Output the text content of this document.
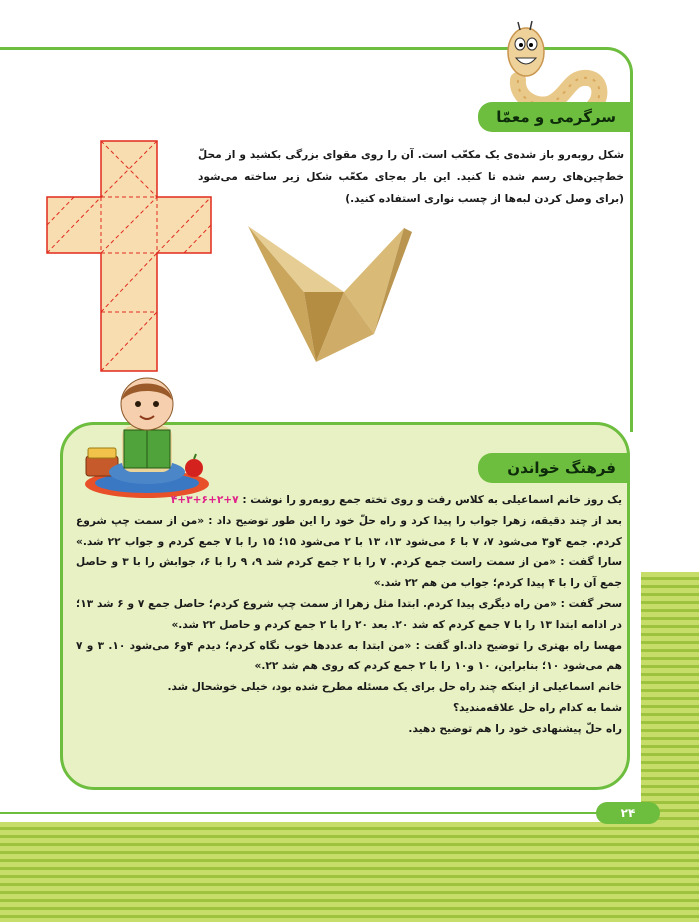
سرگرمی و معمّا
شکل روبه‌رو باز شده‌ی یک مکعّب است. آن را روی مقوای بزرگی بکشید و از محلّ خط‌چین‌های رسم شده تا کنید. این بار به‌جای مکعّب شکل زیر ساخته می‌شود (برای وصل کردن لبه‌ها از چسب نواری استفاده کنید.)
فرهنگ خواندن

یک روز خانم اسماعیلی به کلاس رفت و روی تخته جمع روبه‌رو را نوشت : ۴+۳+۶+۲+۷

بعد از چند دقیقه، زهرا جواب را پیدا کرد و راه حلّ خود را این طور توضیح داد : «من از سمت چپ شروع کردم. جمع ۴و۳ می‌شود ۷، ۷ با ۶ می‌شود ۱۳، ۱۳ با ۲ می‌شود ۱۵؛ ۱۵ را با ۷ جمع کردم و جواب ۲۲ شد.» سارا گفت : «من از سمت راست جمع کردم. ۷ را با ۲ جمع کردم شد ۹، ۹ را با ۶، جوابش را با ۳ و حاصل جمع آن را با ۴ پیدا کردم؛ جواب من هم ۲۲ شد.»

سحر گفت : «من راه دیگری پیدا کردم. ابتدا مثل زهرا از سمت چپ شروع کردم؛ حاصل جمع ۷ و ۶ شد ۱۳؛ در ادامه ابتدا ۱۳ را با ۷ جمع کردم که شد ۲۰. بعد ۲۰ را با ۲ جمع کردم و حاصل ۲۲ شد.»

مهسا راه بهتری را توضیح داد.او گفت : «من ابتدا به عددها خوب نگاه کردم؛ دیدم ۴و۶ می‌شود ۱۰. ۳ و ۷ هم می‌شود ۱۰؛ بنابراین، ۱۰ و۱۰ را با ۲ جمع کردم که روی هم شد ۲۲.»

خانم اسماعیلی از اینکه چند راه حل برای یک مسئله مطرح شده بود، خیلی خوشحال شد.

شما به کدام راه حل علاقه‌مندید؟

راه حلّ پیشنهادی خود را هم توضیح دهید.

۲۴
